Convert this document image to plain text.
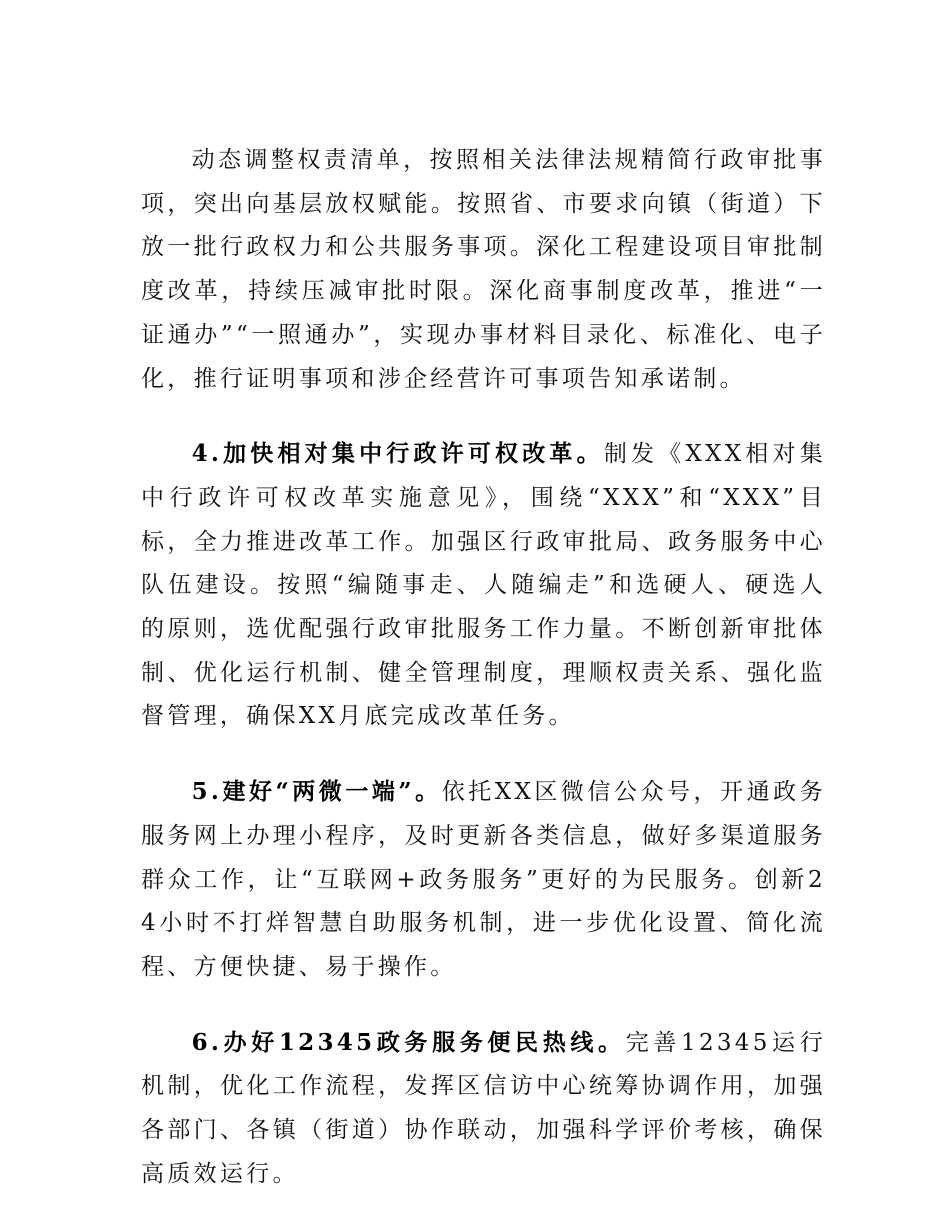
动态调整权责清单，按照相关法律法规精简行政审批事项，突出向基层放权赋能。按照省、市要求向镇（街道）下放一批行政权力和公共服务事项。深化工程建设项目审批制度改革，持续压减审批时限。深化商事制度改革，推进“一证通办”“一照通办”，实现办事材料目录化、标准化、电子化，推行证明事项和涉企经营许可事项告知承诺制。

4.加快相对集中行政许可权改革。制发《XXX相对集中行政许可权改革实施意见》，围绕“XXX”和“XXX”目标，全力推进改革工作。加强区行政审批局、政务服务中心队伍建设。按照“编随事走、人随编走”和选硬人、硬选人的原则，选优配强行政审批服务工作力量。不断创新审批体制、优化运行机制、健全管理制度，理顺权责关系、强化监督管理，确保XX月底完成改革任务。

5.建好“两微一端”。依托XX区微信公众号，开通政务服务网上办理小程序，及时更新各类信息，做好多渠道服务群众工作，让“互联网+政务服务”更好的为民服务。创新24小时不打烊智慧自助服务机制，进一步优化设置、简化流程、方便快捷、易于操作。

6.办好12345政务服务便民热线。完善12345运行机制，优化工作流程，发挥区信访中心统筹协调作用，加强各部门、各镇（街道）协作联动，加强科学评价考核，确保高质效运行。
